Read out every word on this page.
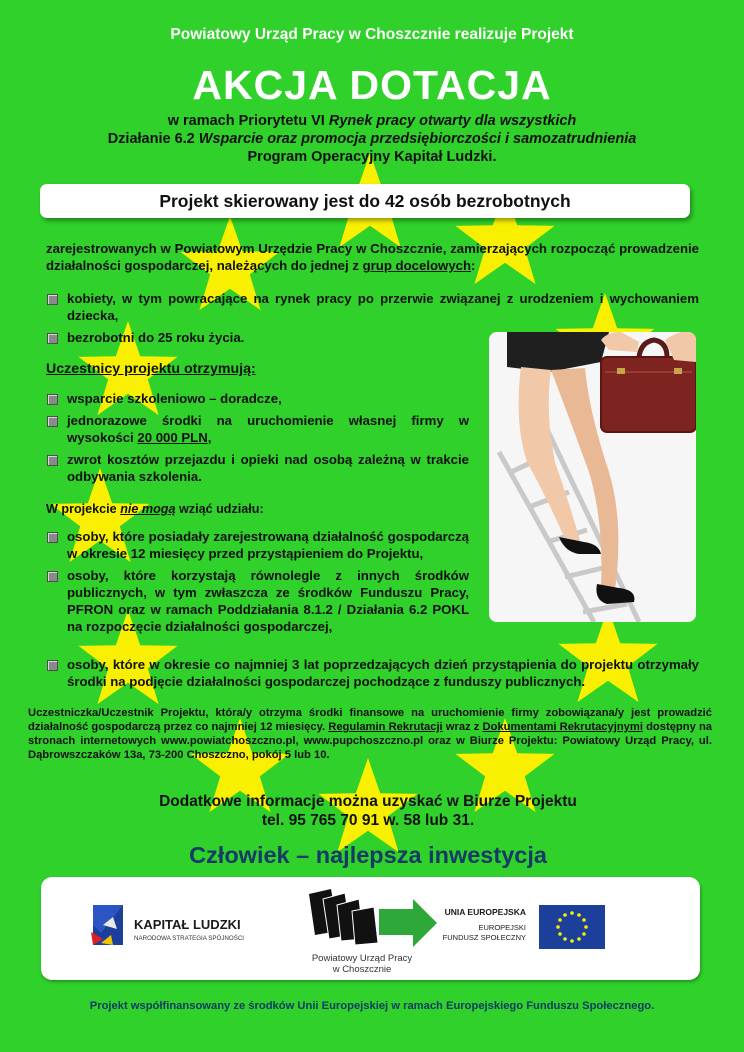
Powiatowy Urząd Pracy w Choszcznie realizuje Projekt
AKCJA DOTACJA
w ramach Priorytetu VI Rynek pracy otwarty dla wszystkich
Działanie 6.2 Wsparcie oraz promocja przedsiębiorczości i samozatrudnienia
Program Operacyjny Kapitał Ludzki.
Projekt skierowany jest do 42 osób bezrobotnych
zarejestrowanych w Powiatowym Urzędzie Pracy w Choszcznie, zamierzających rozpocząć prowadzenie działalności gospodarczej, należących do jednej z grup docelowych:
kobiety, w tym powracające na rynek pracy po przerwie związanej z urodzeniem i wychowaniem dziecka,
bezrobotni do 25 roku życia.
Uczestnicy projektu otrzymują:
wsparcie szkoleniowo – doradcze,
jednorazowe środki na uruchomienie własnej firmy w wysokości 20 000 PLN,
zwrot kosztów przejazdu i opieki nad osobą zależną w trakcie odbywania szkolenia.
W projekcie nie mogą wziąć udziału:
osoby, które posiadały zarejestrowaną działalność gospodarczą w okresie 12 miesięcy przed przystąpieniem do Projektu,
osoby, które korzystają równolegle z innych środków publicznych, w tym zwłaszcza ze środków Funduszu Pracy, PFRON oraz w ramach Poddziałania 8.1.2 / Działania 6.2 POKL na rozpoczęcie działalności gospodarczej,
osoby, które w okresie co najmniej 3 lat poprzedzających dzień przystąpienia do projektu otrzymały środki na podjęcie działalności gospodarczej pochodzące z funduszy publicznych.
Uczestniczka/Uczestnik Projektu, która/y otrzyma środki finansowe na uruchomienie firmy zobowiązana/y jest prowadzić działalność gospodarczą przez co najmniej 12 miesięcy. Regulamin Rekrutacji wraz z Dokumentami Rekrutacyjnymi dostępny na stronach internetowych www.powiatchoszczno.pl, www.pupchoszczno.pl oraz w Biurze Projektu: Powiatowy Urząd Pracy, ul. Dąbrowszczaków 13a, 73-200 Choszczno, pokój 5 lub 10.
Dodatkowe informacje można uzyskać w Biurze Projektu
tel. 95 765 70 91 w. 58 lub 31.
Człowiek – najlepsza inwestycja
KAPITAŁ LUDZKI
NARODOWA STRATEGIA SPÓJNOŚCI
Powiatowy Urząd Pracy
w Choszcznie
UNIA EUROPEJSKA
EUROPEJSKI
FUNDUSZ SPOŁECZNY
Projekt współfinansowany ze środków Unii Europejskiej w ramach Europejskiego Funduszu Społecznego.
